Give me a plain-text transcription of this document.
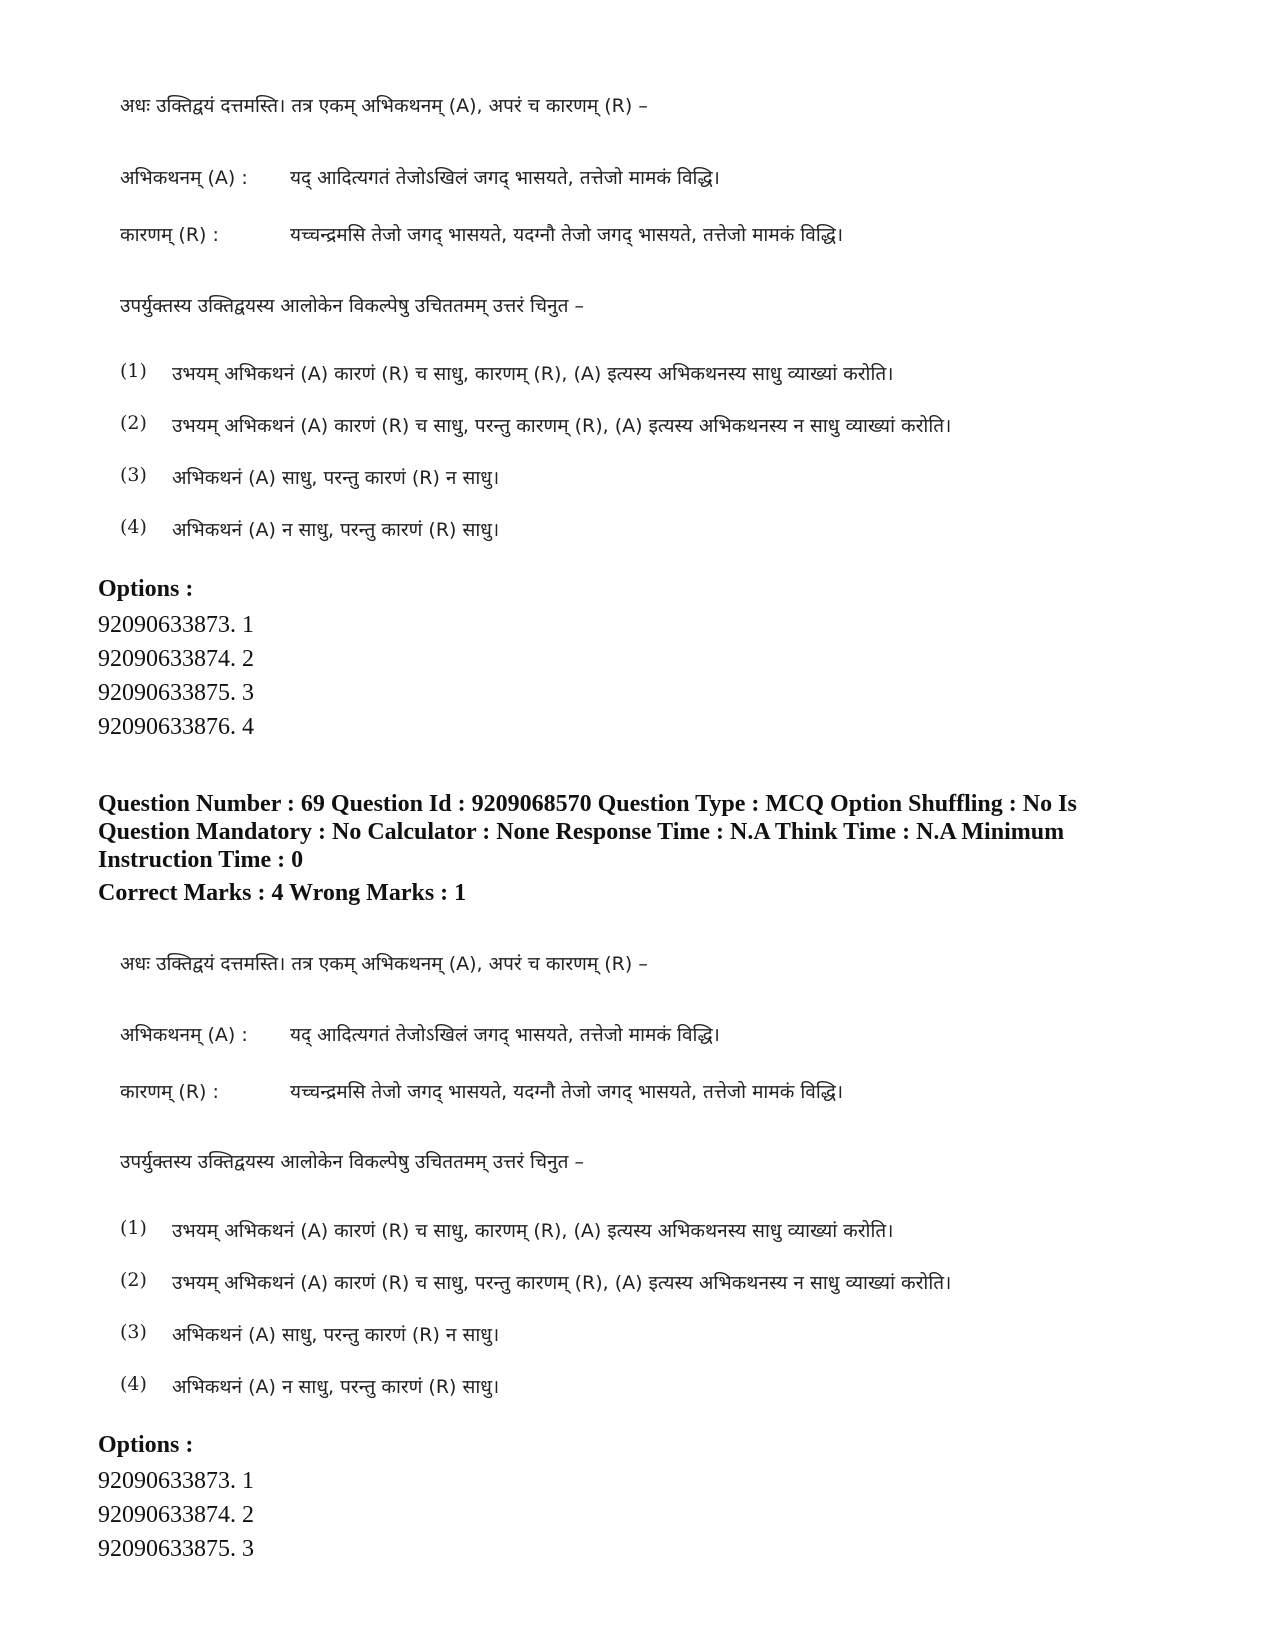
अधः उक्तिद्वयं दत्तमस्ति। तत्र एकम् अभिकथनम् (A), अपरं च कारणम् (R) –
अभिकथनम् (A) : यद् आदित्यगतं तेजोऽखिलं जगद् भासयते, तत्तेजो मामकं विद्धि।
कारणम् (R) :	यच्चन्द्रमसि तेजो जगद् भासयते, यदग्नौ तेजो जगद् भासयते, तत्तेजो मामकं विद्धि।
उपर्युक्तस्य उक्तिद्वयस्य आलोकेन विकल्पेषु उचिततमम् उत्तरं चिनुत –
(1) उभयम् अभिकथनं (A) कारणं (R) च साधु, कारणम् (R), (A) इत्यस्य अभिकथनस्य साधु व्याख्यां करोति।
(2) उभयम् अभिकथनं (A) कारणं (R) च साधु, परन्तु कारणम् (R), (A) इत्यस्य अभिकथनस्य न साधु व्याख्यां करोति।
(3) अभिकथनं (A) साधु, परन्तु कारणं (R) न साधु।
(4) अभिकथनं (A) न साधु, परन्तु कारणं (R) साधु।
Options :
92090633873. 1
92090633874. 2
92090633875. 3
92090633876. 4
Question Number : 69 Question Id : 9209068570 Question Type : MCQ Option Shuffling : No Is
Question Mandatory : No Calculator : None Response Time : N.A Think Time : N.A Minimum
Instruction Time : 0
Correct Marks : 4 Wrong Marks : 1
अधः उक्तिद्वयं दत्तमस्ति। तत्र एकम् अभिकथनम् (A), अपरं च कारणम् (R) –
अभिकथनम् (A) : यद् आदित्यगतं तेजोऽखिलं जगद् भासयते, तत्तेजो मामकं विद्धि।
कारणम् (R) :	यच्चन्द्रमसि तेजो जगद् भासयते, यदग्नौ तेजो जगद् भासयते, तत्तेजो मामकं विद्धि।
उपर्युक्तस्य उक्तिद्वयस्य आलोकेन विकल्पेषु उचिततमम् उत्तरं चिनुत –
(1) उभयम् अभिकथनं (A) कारणं (R) च साधु, कारणम् (R), (A) इत्यस्य अभिकथनस्य साधु व्याख्यां करोति।
(2) उभयम् अभिकथनं (A) कारणं (R) च साधु, परन्तु कारणम् (R), (A) इत्यस्य अभिकथनस्य न साधु व्याख्यां करोति।
(3) अभिकथनं (A) साधु, परन्तु कारणं (R) न साधु।
(4) अभिकथनं (A) न साधु, परन्तु कारणं (R) साधु।
Options :
92090633873. 1
92090633874. 2
92090633875. 3
